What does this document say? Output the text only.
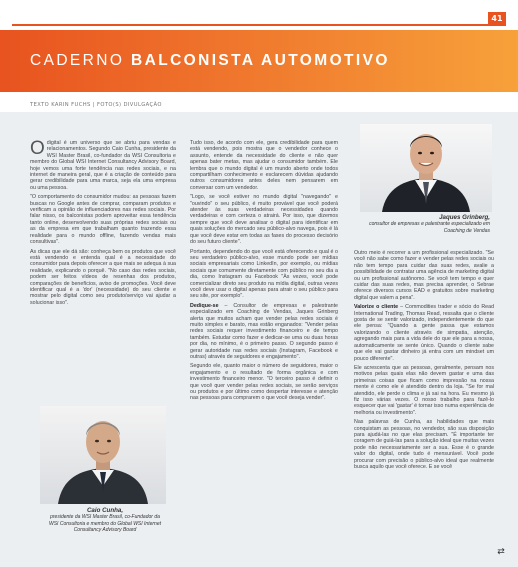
41
CADERNO BALCONISTA AUTOMOTIVO
TEXTO KARIN FUCHS | FOTO(S) DIVULGAÇÃO

Odigital é um universo que se abriu para vendas e relacionamentos. Segundo Caio Cunha, presidente da WSI Master Brasil, co-fundador da WSI Consultoria e membro do Global WSI Internet Consultancy Advisory Board, hoje vemos uma forte tendência nas redes sociais, e na internet de maneira geral, que é a criação de conteúdo para gerar credibilidade para uma marca, seja ela uma empresa ou uma pessoa.

"O comportamento do consumidor mudou: as pessoas fazem buscas no Google antes de comprar, comparam produtos e verificam a opinião de influenciadores nas redes sociais. Por falar nisso, os balconistas podem aproveitar essa tendência tanto online, desenvolvendo suas próprias redes sociais ou as da empresa em que trabalham quanto trazendo essa realidade para o mundo offline, fazendo vendas mais consultivas".

As dicas que ele dá são: conheça bem os produtos que você está vendendo e entenda qual é a necessidade do consumidor para depois oferecer a que mais se adequa à sua realidade, explicando o porquê. "No caso das redes sociais, podem ser feitos vídeos de resenhas dos produtos, comparações de benefícios, aviso de promoções. Você deve identificar qual é a 'dor' (necessidade) do seu cliente e mostrar pelo digital como seu produto/serviço vai ajudar a solucionar isso".

Caio Cunha,
presidente da WSI Master Brasil, co-Fundador da WSI Consultoria e membro do Global WSI Internet Consultancy Advisory Board

Tudo isso, de acordo com ele, gera credibilidade para quem está vendendo, pois mostra que o vendedor conhece o assunto, entende da necessidade do cliente e não quer apenas bater metas, mas ajudar o consumidor também. Ele lembra que o mundo digital é um mundo aberto onde todos compartilham conhecimento e esclarecem dúvidas ajudando outros consumidores antes deles nem pensarem em conversar com um vendedor.

"Logo, se você estiver no mundo digital "navegando" e "ouvindo" o seu público, é muito provável que você poderá atender às suas verdadeiras necessidades quando verdadeiras e com certeza o atrairá. Por isso, que dizemos sempre que você deve analisar o digital para identificar em quais soluções do mercado seu público-alvo navega, pois é lá que você deve estar em todas as fases do processo decisório do seu futuro cliente".

Portanto, dependendo do que você está oferecendo e qual é o seu verdadeiro público-alvo, esse mundo pode ser mídias sociais empresariais como LinkedIn, por exemplo, ou mídias sociais que comumente diretamente com público no seu dia a dia, como Instagram ou Facebook "Às vezes, você pode comercializar direto seu produto na mídia digital, outras vezes você deve usar o digital apenas para atrair o seu público para seu site, por exemplo".

Dedique-se – Consultor de empresas e palestrante especializado em Coaching de Vendas, Jaques Grinberg alerta que muitos acham que vender pelas redes sociais é muito simples e barato, mas estão enganados: "Vender pelas redes sociais requer investimento financeiro e de tempo também. Estudar como fazer e dedicar-se uma ou duas horas por dia, no mínimo, é o primeiro passo. O segundo passo é gerar autoridade nas redes sociais (Instagram, Facebook e outras) através de seguidores e engajamento".

Segundo ele, quanto maior o número de seguidores, maior o engajamento e o resultado de forma orgânica e com investimento financeiro menor. "O terceiro passo é definir o que você quer vender pelas redes sociais, se serão serviços ou produtos e por último como despertar interesse e atenção nas pessoas para comprarem o que você deseja vender".

Jaques Grinberg,
consultor de empresas e palestrante especializado em Coaching de Vendas

Outro meio é recorrer a um profissional especializado. "Se você não sabe como fazer e vender pelas redes sociais ou não tem tempo para cuidar das suas redes, avalie a possibilidade de contratar uma agência de marketing digital ou um profissional autônomo. Se você tem tempo e quer cuidar das suas redes, mas precisa aprender, o Sebrae oferece diversos cursos EAD e gratuitos sobre marketing digital que valem a pena".

Valorize o cliente – Commodities trader e sócio do Read International Trading, Thomas Read, ressalta que o cliente gosta de se sentir valorizado, independentemente do que ele pensa: "Quando a gente passa que estamos valorizando o cliente através de simpatia, atenção, agregando mais para a vida dele do que ele para a nossa, automaticamente se sente único. Quando o cliente sabe que ele vai gastar dinheiro já entra com um mindset um pouco diferente".

Ele acrescenta que as pessoas, geralmente, pensam nos motivos pelas quais elas não devem gastar e uma das primeiras coisas que ficam como impressão na nossa mente é como ele é atendido dentro da loja. "Se for mal atendido, ele perde o clima e já sai na hora. Eu mesmo já fiz isso várias vezes. O nosso trabalho para fazê-lo esquecer que vai 'gastar' é tornar isso numa experiência de melhoria ou investimento".

Nas palavras de Cunha, as habilidades que mais conquistam as pessoas, no vendedor, são sua disposição para ajudá-las no que elas precisam. "É importante ter coragem de guiá-las para a solução ideal que muitas vezes pode não necessariamente ser a sua. Esse é o grande valor do digital, onde tudo é mensurável. Você pode procurar com precisão o público-alvo ideal que realmente busca aquilo que você oferece. E se você

⇄
